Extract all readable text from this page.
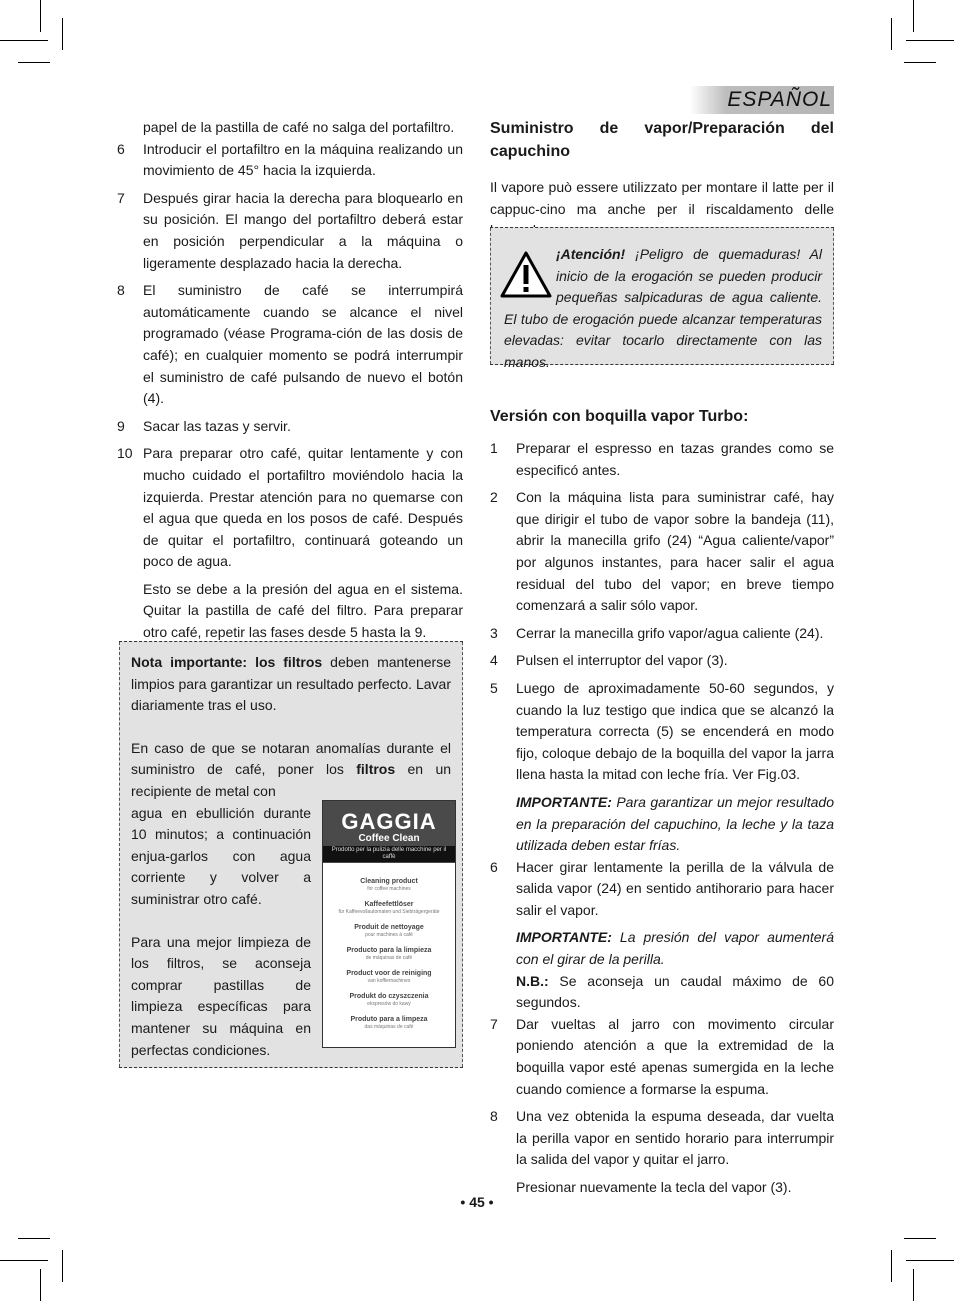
ESPAÑOL

papel de la pastilla de café no salga del portafiltro.

6 Introducir el portafiltro en la máquina realizando un movimiento de 45° hacia la izquierda.
7 Después girar hacia la derecha para bloquearlo en su posición. El mango del portafiltro deberá estar en posición perpendicular a la máquina o ligeramente desplazado hacia la derecha.
8 El suministro de café se interrumpirá automáticamente cuando se alcance el nivel programado (véase Programa-ción de las dosis de café); en cualquier momento se podrá interrumpir el suministro de café pulsando de nuevo el botón (4).
9 Sacar las tazas y servir.
10 Para preparar otro café, quitar lentamente y con mucho cuidado el portafiltro moviéndolo hacia la izquierda. Prestar atención para no quemarse con el agua que queda en los posos de café. Después de quitar el portafiltro, continuará goteando un poco de agua.

Esto se debe a la presión del agua en el sistema. Quitar la pastilla de café del filtro. Para preparar otro café, repetir las fases desde 5 hasta la 9.

Nota importante: los filtros deben mantenerse limpios para garantizar un resultado perfecto. Lavar diariamente tras el uso.

En caso de que se notaran anomalías durante el suministro de café, poner los filtros en un recipiente de metal con

agua en ebullición durante 10 minutos; a continuación enjua-garlos con agua corriente y volver a suministrar otro café.

Para una mejor limpieza de los filtros, se aconseja comprar pastillas de limpieza específicas para mantener su máquina en perfectas condiciones.

GAGGIA
Coffee Clean
Prodotto per la pulizia delle macchine per il caffè
Cleaning product
for coffee machines
Kaffeefettlöser
für Kaffeevollautomaten und Siebträgergeräte
Produit de nettoyage
pour machines à café
Producto para la limpieza
de máquinas de café
Product voor de reiniging
van koffiemachines
Produkt do czyszczenia
ekspresów do kawy
Produto para a limpeza
das máquinas de café
Suministro de vapor/Preparación del capuchino

Il vapore può essere utilizzato per montare il latte per il cappuc-cino ma anche per il riscaldamento delle

¡Atención! ¡Peligro de quemaduras! Al inicio de la erogación se pueden producir pequeñas salpicaduras de agua caliente. El tubo de erogación puede alcanzar temperaturas elevadas: evitar tocarlo directamente con las manos.
Versión con boquilla vapor Turbo:

1 Preparar el espresso en tazas grandes como se especificó antes.
2 Con la máquina lista para suministrar café, hay que dirigir el tubo de vapor sobre la bandeja (11), abrir la manecilla grifo (24) “Agua caliente/vapor” por algunos instantes, para hacer salir el agua residual del tubo del vapor; en breve tiempo comenzará a salir sólo vapor.
3 Cerrar la manecilla grifo vapor/agua caliente (24).
4 Pulsen el interruptor del vapor (3).
5 Luego de aproximadamente 50-60 segundos, y cuando la luz testigo que indica que se alcanzó la temperatura correcta (5) se encenderá en modo fijo, coloque debajo de la boquilla del vapor la jarra llena hasta la mitad con leche fría. Ver Fig.03.

IMPORTANTE: Para garantizar un mejor resultado en la preparación del capuchino, la leche y la taza utilizada deben estar frías.

6 Hacer girar lentamente la perilla de la válvula de salida vapor (24) en sentido antihorario para hacer salir el vapor.

IMPORTANTE: La presión del vapor aumenterá con el girar de la perilla.

N.B.: Se aconseja un caudal máximo de 60 segundos.

7 Dar vueltas al jarro con movimento circular poniendo atención a que la extremidad de la boquilla vapor esté apenas sumergida en la leche cuando comience a formarse la espuma.
8 Una vez obtenida la espuma deseada, dar vuelta la perilla vapor en sentido horario para interrumpir la salida del vapor y quitar el jarro.

Presionar nuevamente la tecla del vapor (3).

• 45 •
